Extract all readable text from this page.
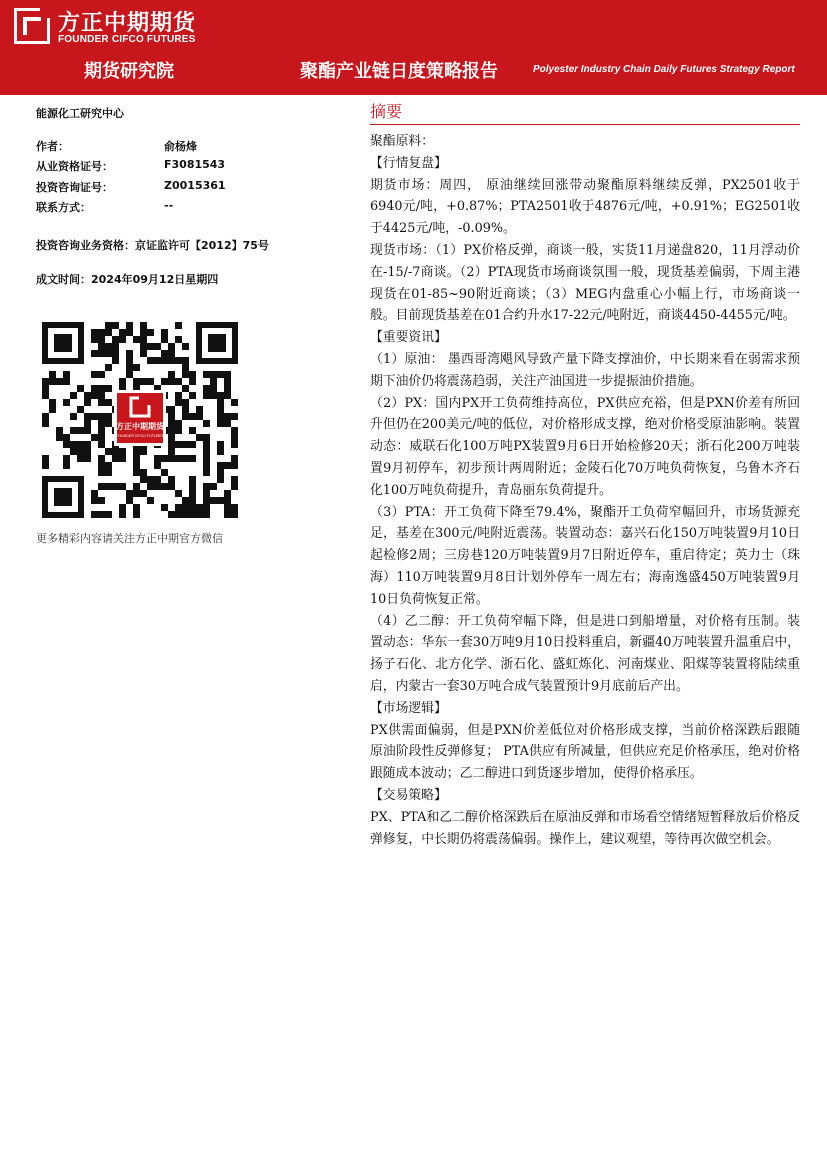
方正中期期货
FOUNDER CIFCO FUTURES
期货研究院	聚酯产业链日度策略报告	Polyester Industry Chain Daily Futures Strategy Report
能源化工研究中心
作者：	俞杨烽
从业资格证号：	F3081543
投资咨询证号：	Z0015361
联系方式：	--
投资咨询业务资格：京证监许可【2012】75号
成文时间：2024年09月12日星期四
方正中期期货
FOUNDER CIFCO FUTURES
更多精彩内容请关注方正中期官方微信
摘要

聚酯原料：

【行情复盘】

期货市场：周四， 原油继续回涨带动聚酯原料继续反弹，PX2501收于6940元/吨，+0.87%；PTA2501收于4876元/吨，+0.91%；EG2501收于4425元/吨，-0.09%。

现货市场：（1）PX价格反弹，商谈一般，实货11月递盘820，11月浮动价在-15/-7商谈。（2）PTA现货市场商谈氛围一般，现货基差偏弱，下周主港现货在01-85~90附近商谈；（3）MEG内盘重心小幅上行，市场商谈一般。目前现货基差在01合约升水17-22元/吨附近，商谈4450-4455元/吨。

【重要资讯】

（1）原油： 墨西哥湾飓风导致产量下降支撑油价，中长期来看在弱需求预期下油价仍将震荡趋弱，关注产油国进一步提振油价措施。

（2）PX：国内PX开工负荷维持高位，PX供应充裕，但是PXN价差有所回升但仍在200美元/吨的低位，对价格形成支撑，绝对价格受原油影响。装置动态：威联石化100万吨PX装置9月6日开始检修20天；浙石化200万吨装置9月初停车，初步预计两周附近；金陵石化70万吨负荷恢复，乌鲁木齐石化100万吨负荷提升，青岛丽东负荷提升。

（3）PTA：开工负荷下降至79.4%，聚酯开工负荷窄幅回升，市场货源充足，基差在300元/吨附近震荡。装置动态：嘉兴石化150万吨装置9月10日起检修2周；三房巷120万吨装置9月7日附近停车，重启待定；英力士（珠海）110万吨装置9月8日计划外停车一周左右；海南逸盛450万吨装置9月10日负荷恢复正常。

（4）乙二醇：开工负荷窄幅下降，但是进口到船增量，对价格有压制。装置动态：华东一套30万吨9月10日投料重启，新疆40万吨装置升温重启中，扬子石化、北方化学、浙石化、盛虹炼化、河南煤业、阳煤等装置将陆续重启，内蒙古一套30万吨合成气装置预计9月底前后产出。

【市场逻辑】

PX供需面偏弱，但是PXN价差低位对价格形成支撑，当前价格深跌后跟随原油阶段性反弹修复； PTA供应有所减量，但供应充足价格承压，绝对价格跟随成本波动；乙二醇进口到货逐步增加，使得价格承压。

【交易策略】

PX、PTA和乙二醇价格深跌后在原油反弹和市场看空情绪短暂释放后价格反弹修复，中长期仍将震荡偏弱。操作上，建议观望，等待再次做空机会。
